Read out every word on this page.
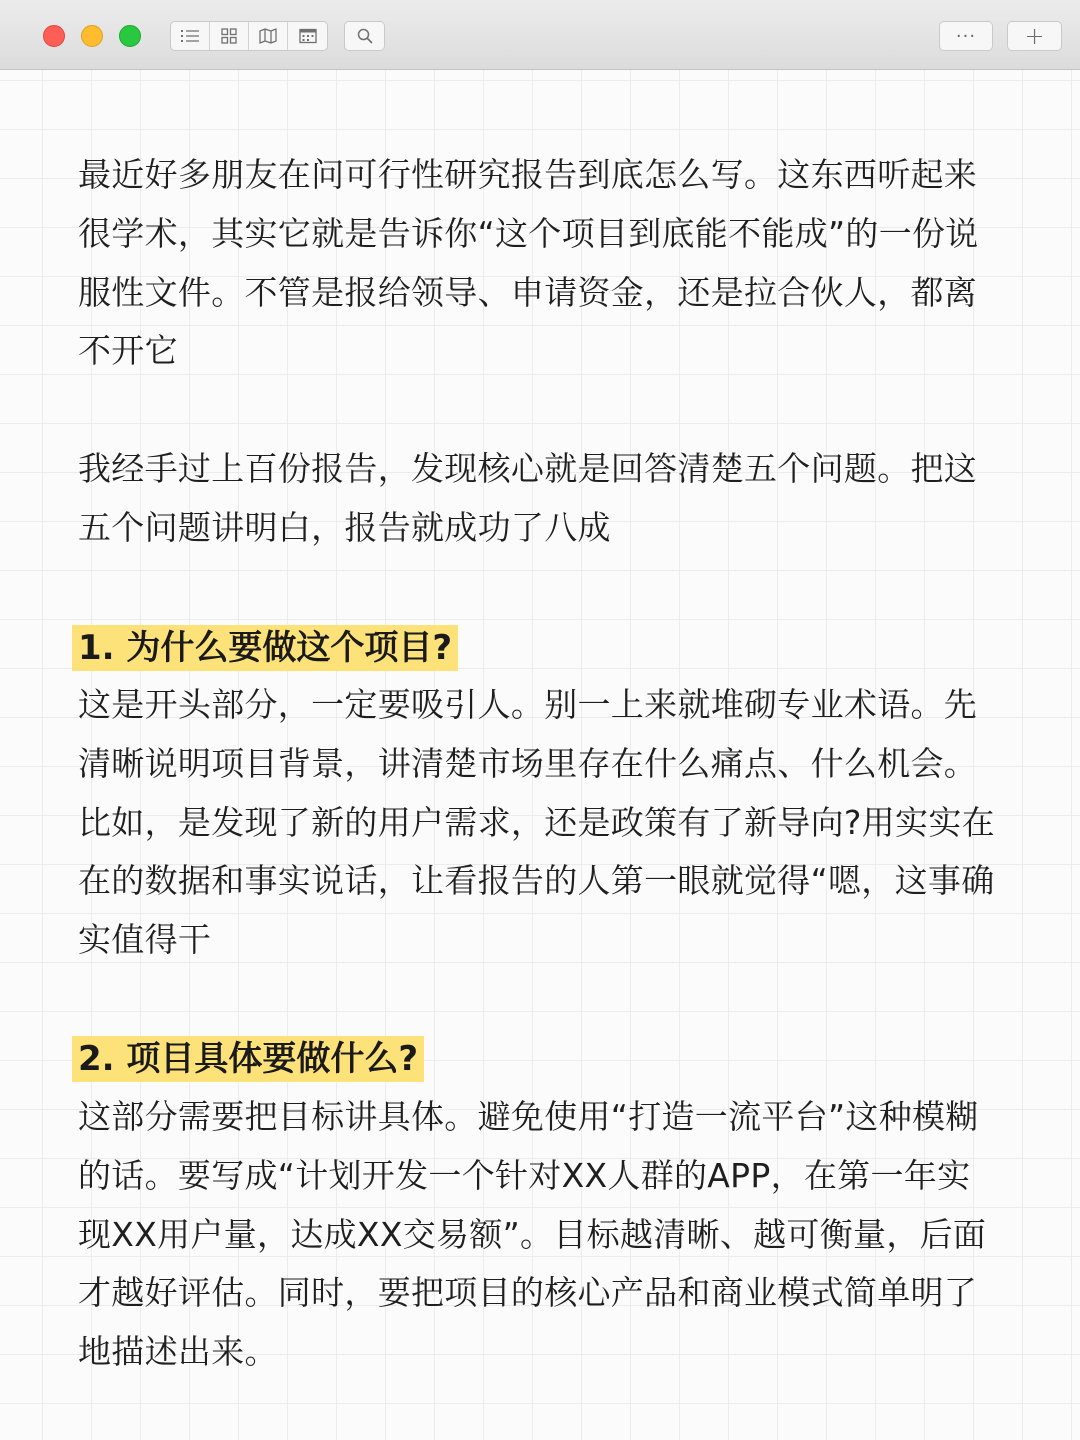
··· +

最近好多朋友在问可行性研究报告到底怎么写。这东西听起来很学术，其实它就是告诉你“这个项目到底能不能成”的一份说服性文件。不管是报给领导、申请资金，还是拉合伙人，都离不开它

我经手过上百份报告，发现核心就是回答清楚五个问题。把这五个问题讲明白，报告就成功了八成

1. 为什么要做这个项目?

这是开头部分，一定要吸引人。别一上来就堆砌专业术语。先清晰说明项目背景，讲清楚市场里存在什么痛点、什么机会。比如，是发现了新的用户需求，还是政策有了新导向?用实实在在的数据和事实说话，让看报告的人第一眼就觉得“嗯，这事确实值得干

2. 项目具体要做什么?

这部分需要把目标讲具体。避免使用“打造一流平台”这种模糊的话。要写成“计划开发一个针对XX人群的APP，在第一年实现XX用户量，达成XX交易额”。目标越清晰、越可衡量，后面才越好评估。同时，要把项目的核心产品和商业模式简单明了地描述出来。
